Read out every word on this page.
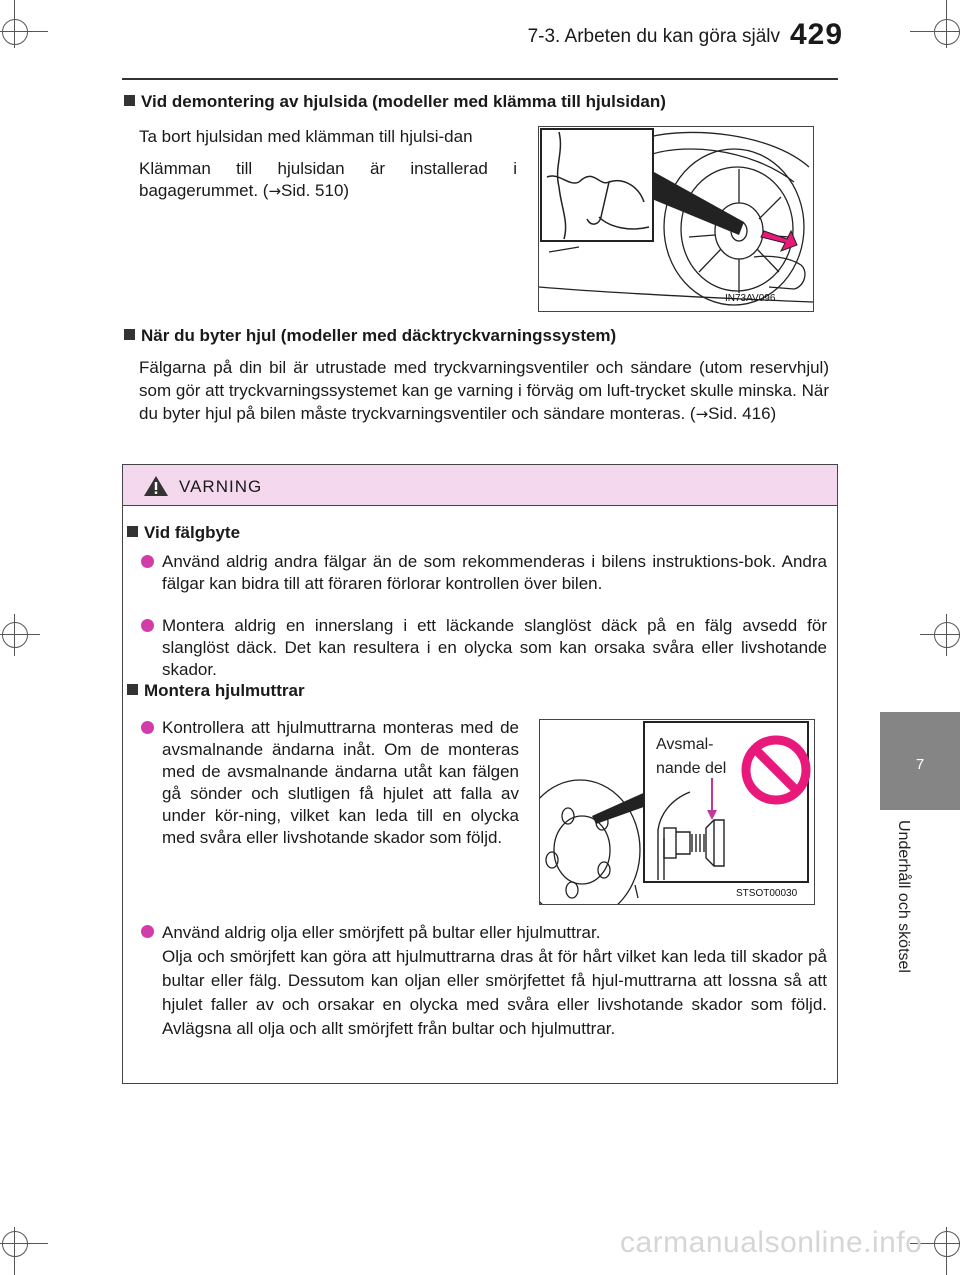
7-3. Arbeten du kan göra själv 429
7
Underhåll och skötsel
Vid demontering av hjulsida (modeller med klämma till hjulsidan)

Ta bort hjulsidan med klämman till hjulsi-dan

Klämman till hjulsidan är installerad i bagagerummet. (→Sid. 510)

IN73AV096
När du byter hjul (modeller med däcktryckvarningssystem)
Fälgarna på din bil är utrustade med tryckvarningsventiler och sändare (utom reservhjul) som gör att tryckvarningssystemet kan ge varning i förväg om luft-trycket skulle minska. När du byter hjul på bilen måste tryckvarningsventiler och sändare monteras. (→Sid. 416)
VARNING
Vid fälgbyte
Använd aldrig andra fälgar än de som rekommenderas i bilens instruktions-bok. Andra fälgar kan bidra till att föraren förlorar kontrollen över bilen.
Montera aldrig en innerslang i ett läckande slanglöst däck på en fälg avsedd för slanglöst däck. Det kan resultera i en olycka som kan orsaka svåra eller livshotande skador.
Montera hjulmuttrar
Kontrollera att hjulmuttrarna monteras med de avsmalnande ändarna inåt. Om de monteras med de avsmalnande ändarna utåt kan fälgen gå sönder och slutligen få hjulet att falla av under kör-ning, vilket kan leda till en olycka med svåra eller livshotande skador som följd.
Avsmal-
nande del
STSOT00030
Använd aldrig olja eller smörjfett på bultar eller hjulmuttrar.
Olja och smörjfett kan göra att hjulmuttrarna dras åt för hårt vilket kan leda till skador på bultar eller fälg. Dessutom kan oljan eller smörjfettet få hjul-muttrarna att lossna så att hjulet faller av och orsakar en olycka med svåra eller livshotande skador som följd. Avlägsna all olja och allt smörjfett från bultar och hjulmuttrar.
carmanualsonline.info
